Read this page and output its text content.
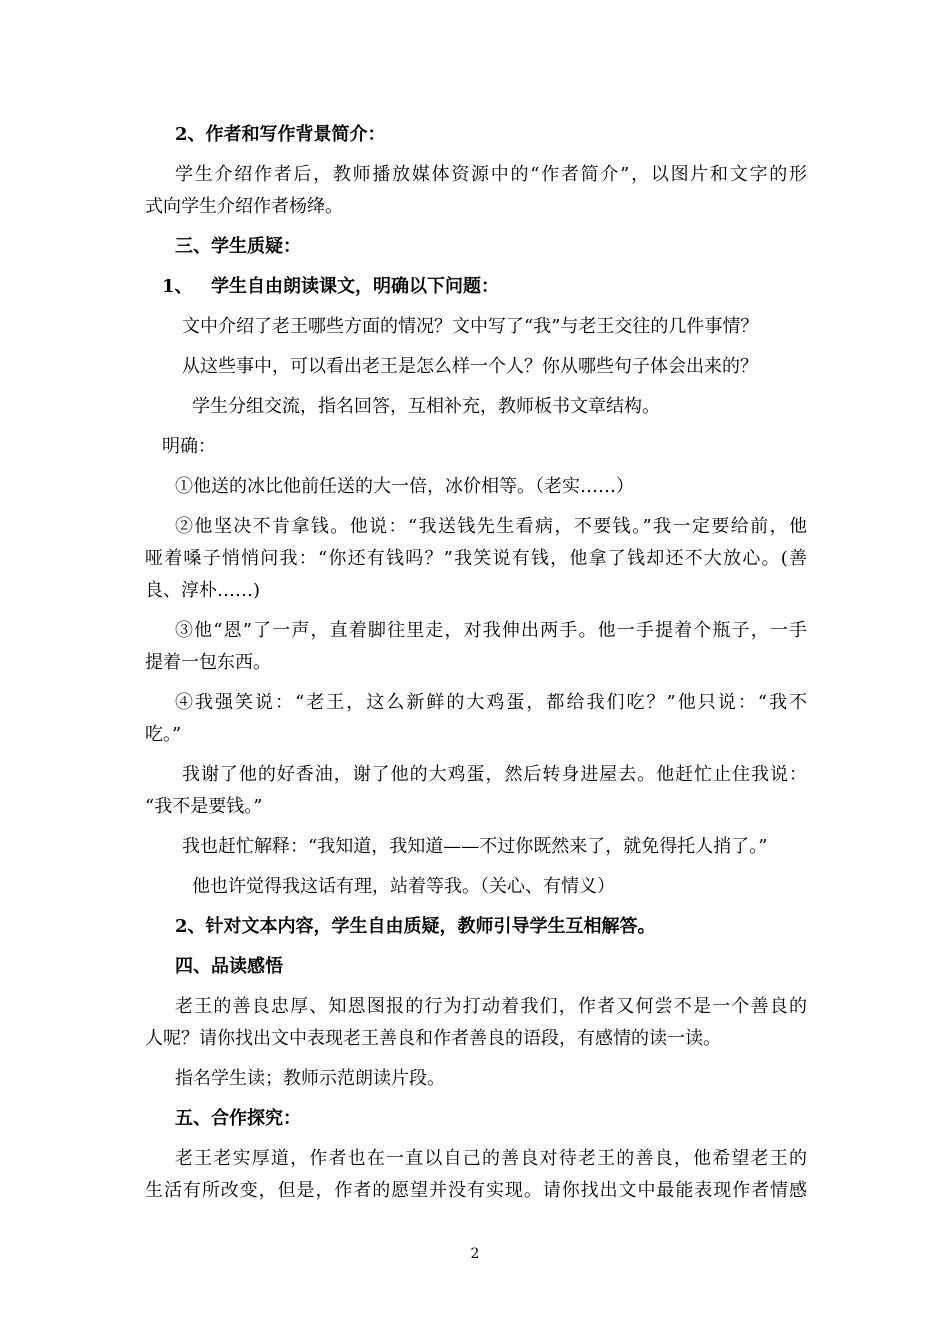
2、作者和写作背景简介：
学生介绍作者后，教师播放媒体资源中的“作者简介”，以图片和文字的形
式向学生介绍作者杨绛。
三、学生质疑：
1、 学生自由朗读课文，明确以下问题：
文中介绍了老王哪些方面的情况？文中写了“我”与老王交往的几件事情？
从这些事中，可以看出老王是怎么样一个人？你从哪些句子体会出来的？
学生分组交流，指名回答，互相补充，教师板书文章结构。
明确：
①他送的冰比他前任送的大一倍，冰价相等。（老实……）
②他坚决不肯拿钱。他说：“我送钱先生看病，不要钱。”我一定要给前，他
哑着嗓子悄悄问我：“你还有钱吗？”我笑说有钱，他拿了钱却还不大放心。(善
良、淳朴……)
③他“恩”了一声，直着脚往里走，对我伸出两手。他一手提着个瓶子，一手
提着一包东西。
④我强笑说：“老王，这么新鲜的大鸡蛋，都给我们吃？”他只说：“我不
吃。”
我谢了他的好香油，谢了他的大鸡蛋，然后转身进屋去。他赶忙止住我说：
“我不是要钱。”
我也赶忙解释：“我知道，我知道——不过你既然来了，就免得托人捎了。”
他也许觉得我这话有理，站着等我。（关心、有情义）
2、针对文本内容，学生自由质疑，教师引导学生互相解答。
四、品读感悟
老王的善良忠厚、知恩图报的行为打动着我们，作者又何尝不是一个善良的
人呢？请你找出文中表现老王善良和作者善良的语段，有感情的读一读。
指名学生读；教师示范朗读片段。
五、合作探究：
老王老实厚道，作者也在一直以自己的善良对待老王的善良，他希望老王的
生活有所改变，但是，作者的愿望并没有实现。请你找出文中最能表现作者情感
2
